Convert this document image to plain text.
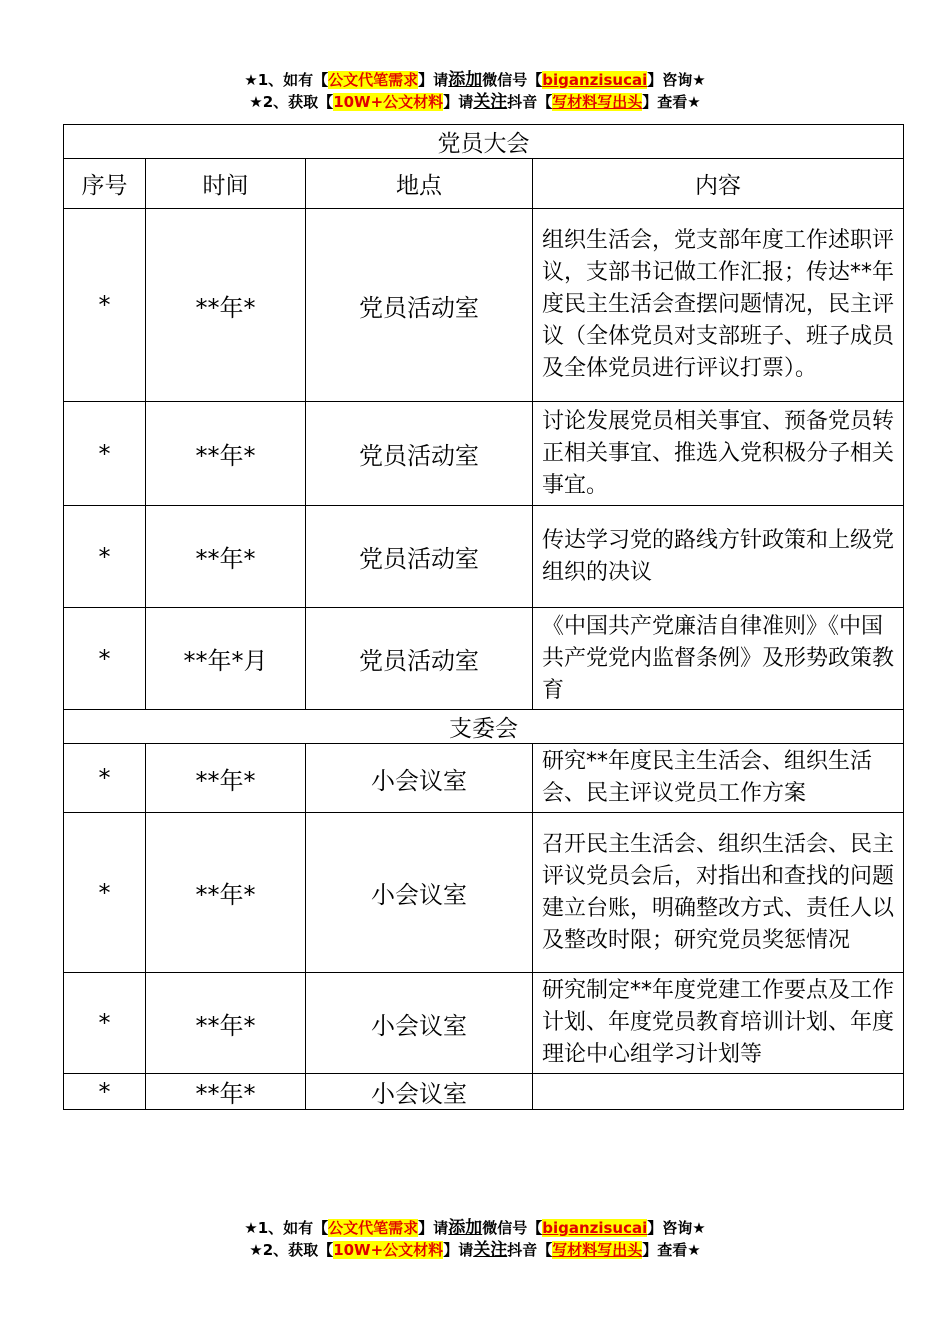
★1、如有【公文代笔需求】请添加微信号【biganzisucai】咨询★
★2、获取【10W+公文材料】请关注抖音【写材料写出头】查看★
党员大会			
序号	时间	地点	内容
*	**年*	党员活动室	组织生活会，党支部年度工作述职评议，支部书记做工作汇报；传达**年度民主生活会查摆问题情况，民主评议（全体党员对支部班子、班子成员及全体党员进行评议打票）。
*	**年*	党员活动室	讨论发展党员相关事宜、预备党员转正相关事宜、推选入党积极分子相关事宜。
*	**年*	党员活动室	传达学习党的路线方针政策和上级党组织的决议
*	**年*月	党员活动室	《中国共产党廉洁自律准则》《中国共产党党内监督条例》及形势政策教育
支委会			
*	**年*	小会议室	研究**年度民主生活会、组织生活会、民主评议党员工作方案
*	**年*	小会议室	召开民主生活会、组织生活会、民主评议党员会后，对指出和查找的问题建立台账，明确整改方式、责任人以及整改时限；研究党员奖惩情况
*	**年*	小会议室	研究制定**年度党建工作要点及工作计划、年度党员教育培训计划、年度理论中心组学习计划等
*	**年*	小会议室	
★1、如有【公文代笔需求】请添加微信号【biganzisucai】咨询★
★2、获取【10W+公文材料】请关注抖音【写材料写出头】查看★
